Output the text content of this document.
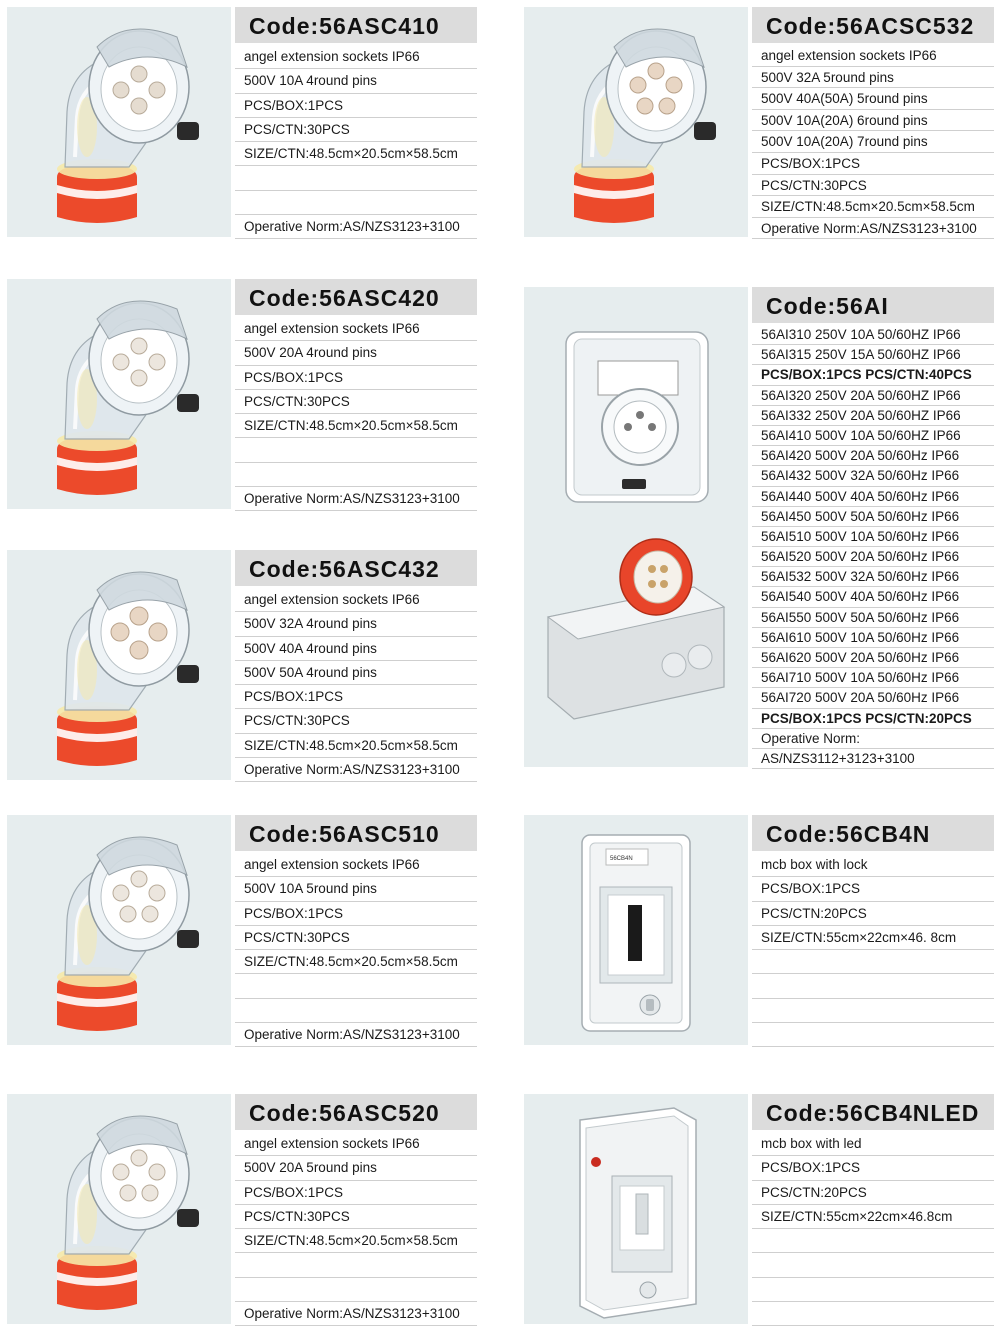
Code:56ASC410
angel extension sockets IP66
500V 10A 4round pins
PCS/BOX:1PCS
PCS/CTN:30PCS
SIZE/CTN:48.5cm×20.5cm×58.5cm
Operative Norm:AS/NZS3123+3100
Code:56ACSC532
angel extension sockets IP66
500V 32A 5round pins
500V 40A(50A) 5round pins
500V 10A(20A) 6round pins
500V 10A(20A) 7round pins
PCS/BOX:1PCS
PCS/CTN:30PCS
SIZE/CTN:48.5cm×20.5cm×58.5cm
Operative Norm:AS/NZS3123+3100
Code:56ASC420
angel extension sockets IP66
500V 20A 4round pins
PCS/BOX:1PCS
PCS/CTN:30PCS
SIZE/CTN:48.5cm×20.5cm×58.5cm
Operative Norm:AS/NZS3123+3100
Code:56AI
56AI310 250V 10A 50/60HZ IP66
56AI315 250V 15A 50/60HZ IP66
PCS/BOX:1PCS PCS/CTN:40PCS
56AI320 250V 20A 50/60HZ IP66
56AI332 250V 20A 50/60HZ IP66
56AI410 500V 10A 50/60HZ IP66
56AI420 500V 20A 50/60Hz IP66
56AI432 500V 32A 50/60Hz IP66
56AI440 500V 40A 50/60Hz IP66
56AI450 500V 50A 50/60Hz IP66
56AI510 500V 10A 50/60Hz IP66
56AI520 500V 20A 50/60Hz IP66
56AI532 500V 32A 50/60Hz IP66
56AI540 500V 40A 50/60Hz IP66
56AI550 500V 50A 50/60Hz IP66
56AI610 500V 10A 50/60Hz IP66
56AI620 500V 20A 50/60Hz IP66
56AI710 500V 10A 50/60Hz IP66
56AI720 500V 20A 50/60Hz IP66
PCS/BOX:1PCS PCS/CTN:20PCS
Operative Norm:
AS/NZS3112+3123+3100
Code:56ASC432
angel extension sockets IP66
500V 32A 4round pins
500V 40A 4round pins
500V 50A 4round pins
PCS/BOX:1PCS
PCS/CTN:30PCS
SIZE/CTN:48.5cm×20.5cm×58.5cm
Operative Norm:AS/NZS3123+3100
Code:56ASC510
angel extension sockets IP66
500V 10A 5round pins
PCS/BOX:1PCS
PCS/CTN:30PCS
SIZE/CTN:48.5cm×20.5cm×58.5cm
Operative Norm:AS/NZS3123+3100
56CB4N
Code:56CB4N
mcb box with lock
PCS/BOX:1PCS
PCS/CTN:20PCS
SIZE/CTN:55cm×22cm×46. 8cm
Code:56ASC520
angel extension sockets IP66
500V 20A 5round pins
PCS/BOX:1PCS
PCS/CTN:30PCS
SIZE/CTN:48.5cm×20.5cm×58.5cm
Operative Norm:AS/NZS3123+3100
Code:56CB4NLED
mcb box with led
PCS/BOX:1PCS
PCS/CTN:20PCS
SIZE/CTN:55cm×22cm×46.8cm
